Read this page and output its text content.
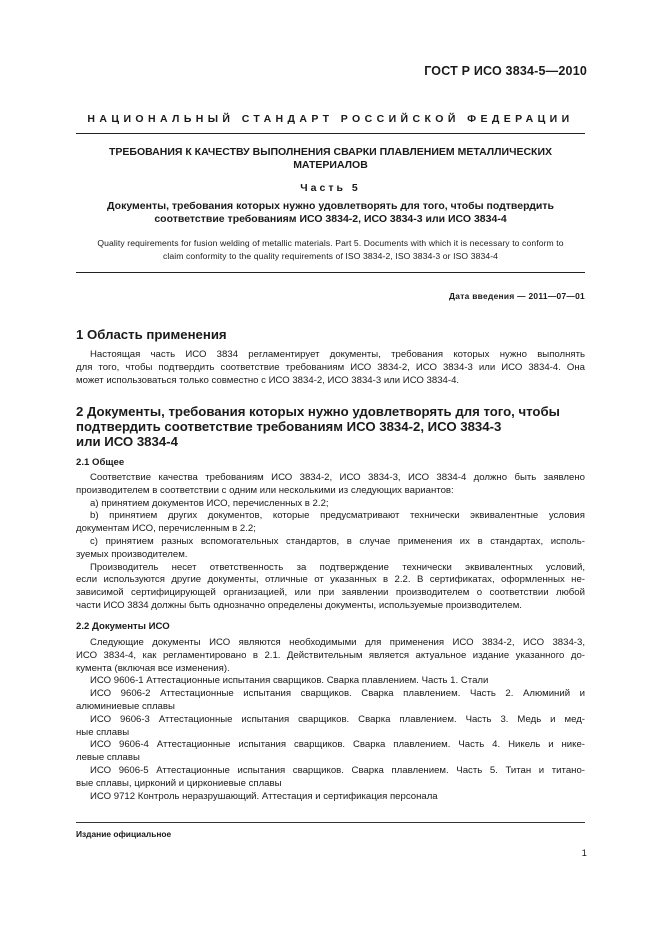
ГОСТ Р ИСО 3834-5—2010
НАЦИОНАЛЬНЫЙ СТАНДАРТ РОССИЙСКОЙ ФЕДЕРАЦИИ
ТРЕБОВАНИЯ К КАЧЕСТВУ ВЫПОЛНЕНИЯ СВАРКИ ПЛАВЛЕНИЕМ МЕТАЛЛИЧЕСКИХ
МАТЕРИАЛОВ
Часть 5
Документы, требования которых нужно удовлетворять для того, чтобы подтвердить
соответствие требованиям ИСО 3834-2, ИСО 3834-3 или ИСО 3834-4
Quality requirements for fusion welding of metallic materials. Part 5. Documents with which it is necessary to conform to
claim conformity to the quality requirements of ISO 3834-2, ISO 3834-3 or ISO 3834-4
Дата введения — 2011—07—01
1 Область применения
Настоящая часть ИСО 3834 регламентирует документы, требования которых нужно выполнять
для того, чтобы подтвердить соответствие требованиям ИСО 3834-2, ИСО 3834-3 или ИСО 3834-4. Она
может использоваться только совместно с ИСО 3834-2, ИСО 3834-3 или ИСО 3834-4.
2 Документы, требования которых нужно удовлетворять для того, чтобы
подтвердить соответствие требованиям ИСО 3834-2, ИСО 3834-3
или ИСО 3834-4
2.1 Общее
Соответствие качества требованиям ИСО 3834-2, ИСО 3834-3, ИСО 3834-4 должно быть заявлено
производителем в соответствии с одним или несколькими из следующих вариантов:
а) принятием документов ИСО, перечисленных в 2.2;
b) принятием других документов, которые предусматривают технически эквивалентные условия
документам ИСО, перечисленным в 2.2;
с) принятием разных вспомогательных стандартов, в случае применения их в стандартах, исполь-
зуемых производителем.
Производитель несет ответственность за подтверждение технически эквивалентных условий,
если используются другие документы, отличные от указанных в 2.2. В сертификатах, оформленных не-
зависимой сертифицирующей организацией, или при заявлении производителем о соответствии любой
части ИСО 3834 должны быть однозначно определены документы, используемые производителем.
2.2 Документы ИСО
Следующие документы ИСО являются необходимыми для применения ИСО 3834-2, ИСО 3834-3,
ИСО 3834-4, как регламентировано в 2.1. Действительным является актуальное издание указанного до-
кумента (включая все изменения).
ИСО 9606-1 Аттестационные испытания сварщиков. Сварка плавлением. Часть 1. Стали
ИСО 9606-2 Аттестационные испытания сварщиков. Сварка плавлением. Часть 2. Алюминий и
алюминиевые сплавы
ИСО 9606-3 Аттестационные испытания сварщиков. Сварка плавлением. Часть 3. Медь и мед-
ные сплавы
ИСО 9606-4 Аттестационные испытания сварщиков. Сварка плавлением. Часть 4. Никель и нике-
левые сплавы
ИСО 9606-5 Аттестационные испытания сварщиков. Сварка плавлением. Часть 5. Титан и титано-
вые сплавы, цирконий и циркониевые сплавы
ИСО 9712 Контроль неразрушающий. Аттестация и сертификация персонала
Издание официальное
1
